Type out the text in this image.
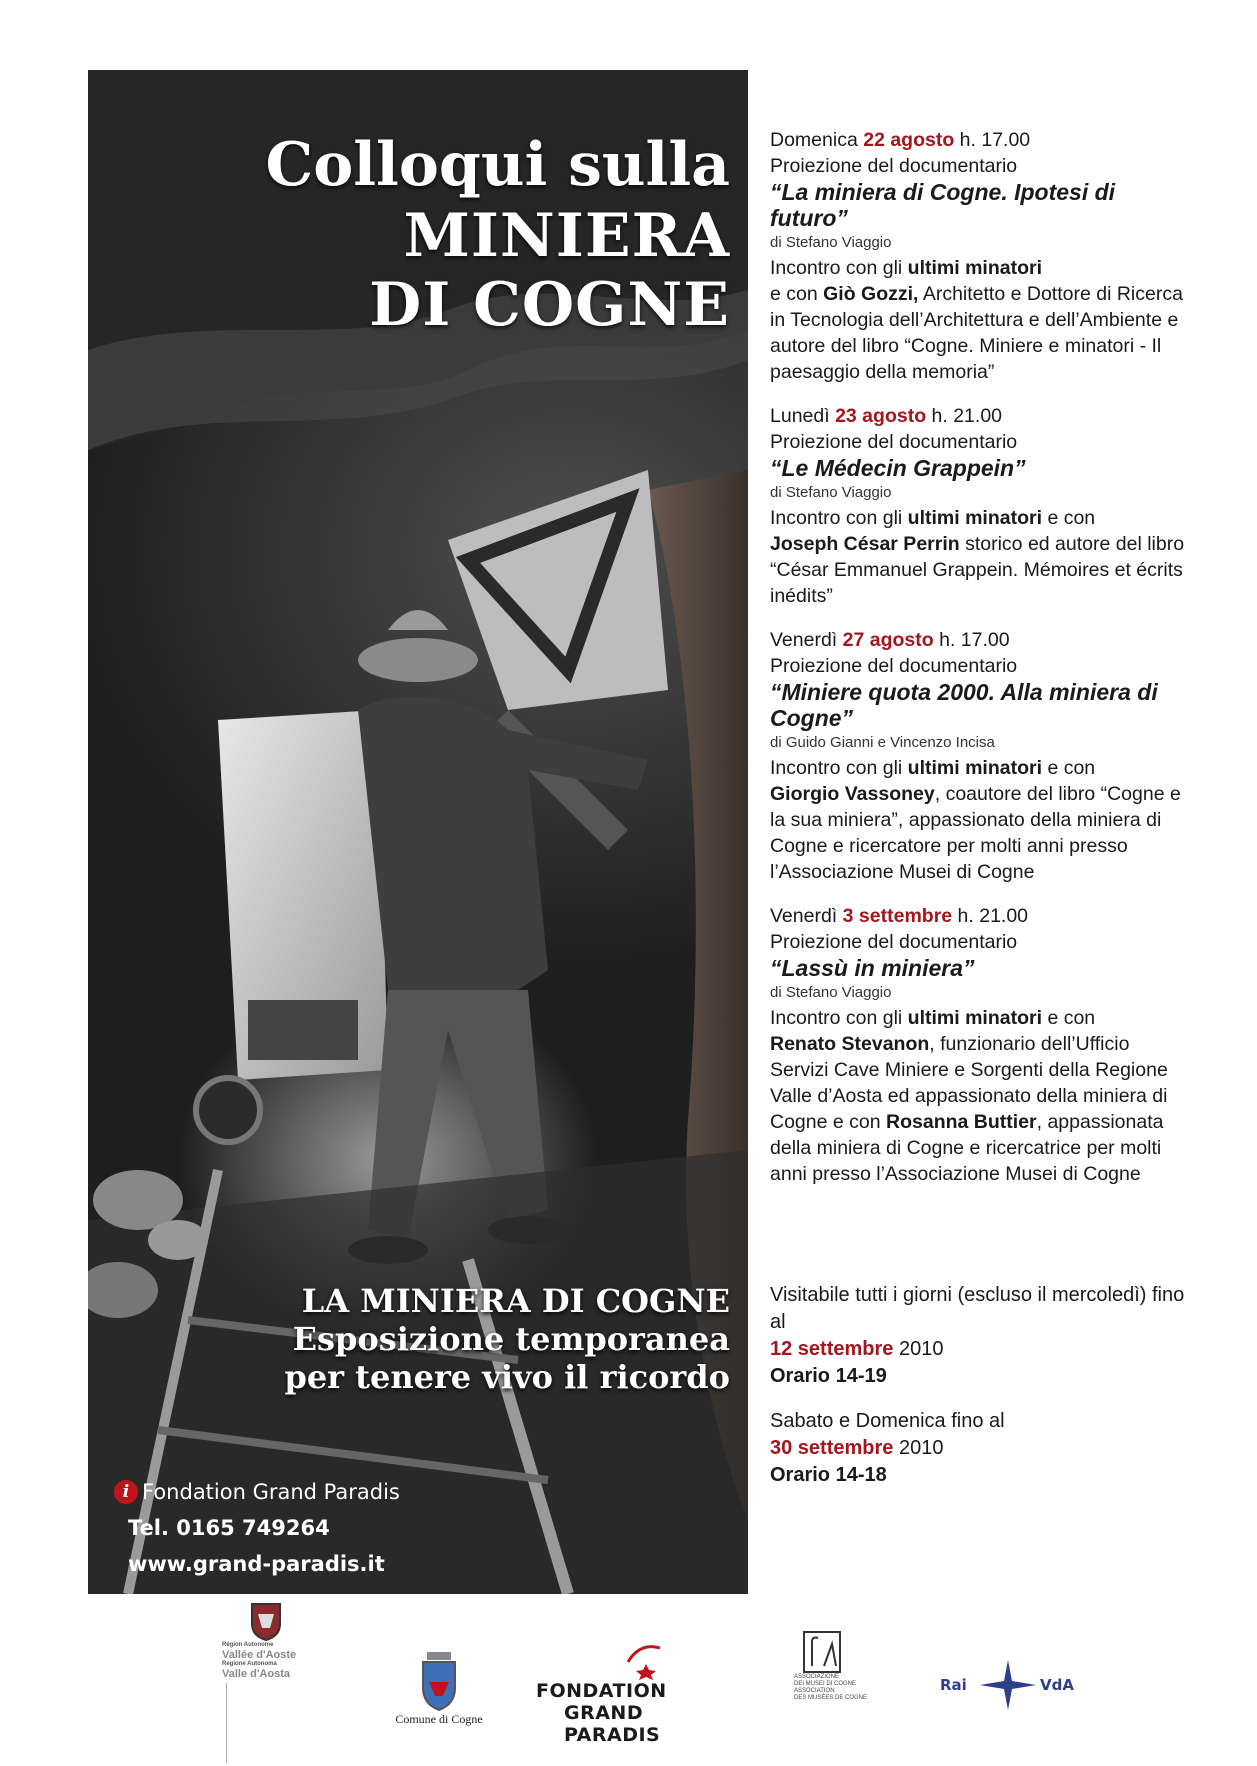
Colloqui sulla
MINIERA
DI COGNE
LA MINIERA DI COGNE
Esposizione temporanea
per tenere vivo il ricordo
i Fondation Grand Paradis
Tel. 0165 749264
www.grand-paradis.it
Domenica 22 agosto h. 17.00
Proiezione del documentario
“La miniera di Cogne. Ipotesi di futuro”
di Stefano Viaggio
Incontro con gli ultimi minatori
e con Giò Gozzi, Architetto e Dottore di Ricerca in Tecnologia dell’Architettura e dell’Ambiente e autore del libro “Cogne. Miniere e minatori - Il paesaggio della memoria”
Lunedì 23 agosto h. 21.00
Proiezione del documentario
“Le Médecin Grappein”
di Stefano Viaggio
Incontro con gli ultimi minatori e con
Joseph César Perrin storico ed autore del libro “César Emmanuel Grappein. Mémoires et écrits inédits”
Venerdì 27 agosto h. 17.00
Proiezione del documentario
“Miniere quota 2000. Alla miniera di Cogne”
di Guido Gianni e Vincenzo Incisa
Incontro con gli ultimi minatori e con
Giorgio Vassoney, coautore del libro “Cogne e la sua miniera”, appassionato della miniera di Cogne e ricercatore per molti anni presso l’Associazione Musei di Cogne
Venerdì 3 settembre h. 21.00
Proiezione del documentario
“Lassù in miniera”
di Stefano Viaggio
Incontro con gli ultimi minatori e con
Renato Stevanon, funzionario dell’Ufficio Servizi Cave Miniere e Sorgenti della Regione Valle d’Aosta ed appassionato della miniera di Cogne e con Rosanna Buttier, appassionata della miniera di Cogne e ricercatrice per molti anni presso l’Associazione Musei di Cogne
Visitabile tutti i giorni (escluso il mercoledì) fino al
12 settembre 2010
Orario 14-19
Sabato e Domenica fino al
30 settembre 2010
Orario 14-18
Région Autonome
Vallée d'Aoste
Regione Autonoma
Valle d'Aosta
Comune di Cogne
FONDATION
GRAND PARADIS
ASSOCIAZIONE
DEI MUSEI DI COGNE
ASSOCIATION
DES MUSÉES DE COGNE
Rai	VdA
